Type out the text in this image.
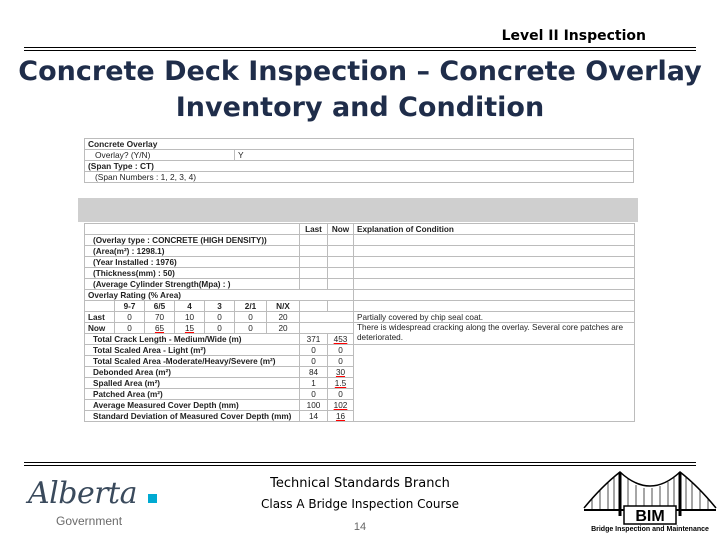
Level II Inspection
Concrete Deck Inspection – Concrete Overlay
Inventory and Condition
Concrete Overlay
Overlay? (Y/N)	Y
(Span Type : CT)
(Span Numbers : 1, 2, 3, 4)
							Last	Now	Explanation of Condition
(Overlay type : CONCRETE (HIGH DENSITY))									
(Area(m²) : 1298.1)									
(Year Installed : 1976)									
(Thickness(mm) : 50)									
(Average Cylinder Strength(Mpa) : )									
Overlay Rating (% Area)									
	9-7	6/5	4	3	2/1	N/X			
Last	0	70	10	0	0	20			Partially covered by chip seal coat.
Now	0	65	15	0	0	20			There is widespread cracking along the overlay. Several core patches are deteriorated.
Total Crack Length - Medium/Wide (m)							371	453	
Total Scaled Area - Light (m²)							0	0	
Total Scaled Area -Moderate/Heavy/Severe (m²)							0	0	
Debonded Area (m²)							84	30	
Spalled Area (m²)							1	1.5	
Patched Area (m²)							0	0	
Average Measured Cover Depth (mm)							100	102	
Standard Deviation of Measured Cover Depth (mm)							14	16	
Alberta
Government
Technical Standards Branch
Class A Bridge Inspection Course
14
BIM
Bridge Inspection and Maintenance
